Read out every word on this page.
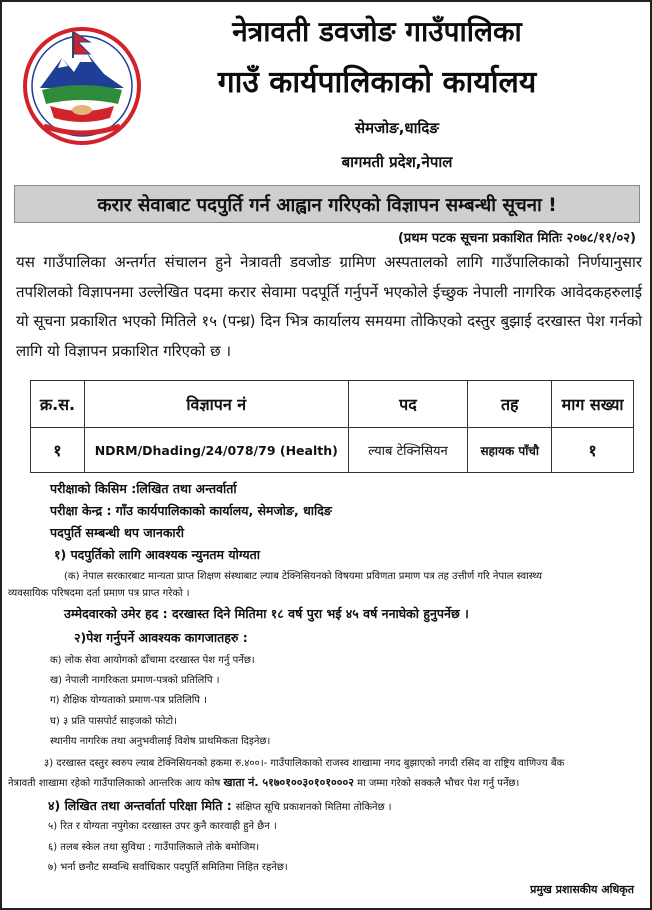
नेत्रावती डवजोङ गाउँपालिका
गाउँ कार्यपालिकाको कार्यालय
सेमजोङ,धादिङ
बागमती प्रदेश,नेपाल
करार सेवाबाट पदपुर्ति गर्न आह्वान गरिएको विज्ञापन सम्बन्धी सूचना !
(प्रथम पटक सूचना प्रकाशित मितिः २०७८/११/०२)
यस गाउँपालिका अन्तर्गत संचालन हुने नेत्रावती डवजोङ ग्रामिण अस्पतालको लागि गाउँपालिकाको निर्णयानुसार तपशिलको विज्ञापनमा उल्लेखित पदमा करार सेवामा पदपूर्ति गर्नुपर्ने भएकोले ईच्छुक नेपाली नागरिक आवेदकहरुलाई यो सूचना प्रकाशित भएको मितिले १५ (पन्ध्र) दिन भित्र कार्यालय समयमा तोकिएको दस्तुर बुझाई दरखास्त पेश गर्नको लागि यो विज्ञापन प्रकाशित गरिएको छ ।
क्र.स.	विज्ञापन नं	पद	तह	माग सख्या
१	NDRM/Dhading/24/078/79 (Health)	ल्याब टेक्निसियन	सहायक पाँचौ	१
परीक्षाको किसिम :लिखित तथा अन्तर्वार्ता
परीक्षा केन्द्र : गाँउ कार्यपालिकाको कार्यालय, सेमजोङ, धादिङ
पदपुर्ति सम्बन्धी थप जानकारी
१) पदपुर्तिको लागि आवश्यक न्युनतम योग्यता
(क) नेपाल सरकारबाट मान्यता प्राप्त शिक्षण संस्थाबाट ल्याब टेक्निसियनको विषयमा प्रविणता प्रमाण पत्र तह उत्तीर्ण गरि नेपाल स्वास्थ्य
व्यवसायिक परिषदमा दर्ता प्रमाण पत्र प्राप्त गरेको ।
उम्मेदवारको उमेर हद : दरखास्त दिने मितिमा १८ वर्ष पुरा भई ४५ वर्ष ननाघेको हुनुपर्नेछ ।
२)पेश गर्नुपर्ने आवश्यक कागजातहरु :
क) लोक सेवा आयोगको ढाँचामा दरखास्त पेश गर्नु पर्नेछ।
ख) नेपाली नागरिकता प्रमाण-पत्रको प्रतिलिपि ।
ग) शैक्षिक योग्यताको प्रमाण-पत्र प्रतिलिपि ।
घ) ३ प्रति पासपोर्ट साइजको फोटो।
स्थानीय नागरिक तथा अनुभवीलाई विशेष प्राथमिकता दिइनेछ।
३) दरखास्त दस्तुर स्वरुप ल्याब टेक्निसियनको हकमा रु.४००।- गाउँपालिकाको राजस्व शाखामा नगद बुझाएको नगदी रसिद वा राष्ट्रिय वाणिज्य बैंक
नेत्रावती शाखामा रहेको गाउँपालिकाको आन्तरिक आय कोष खाता नं. ५१७०१००३०१०१०००२ मा जम्मा गरेको सक्कलै भौचर पेश गर्नु पर्नेछ।
४) लिखित तथा अन्तर्वार्ता परिक्षा मिति : संक्षिप्त सूचि प्रकाशनको मितिमा तोकिनेछ ।
५) रित र योग्यता नपुगेका दरखास्त उपर कुनै कारवाही हुने छैन ।
६) तलब स्केल तथा सुविधा : गाउँपालिकाले तोके बमोजिम।
७) भर्ना छनौट सम्वन्धि सर्वाधिकार पदपुर्ति समितिमा निहित रहनेछ।
प्रमुख प्रशासकीय अधिकृत
